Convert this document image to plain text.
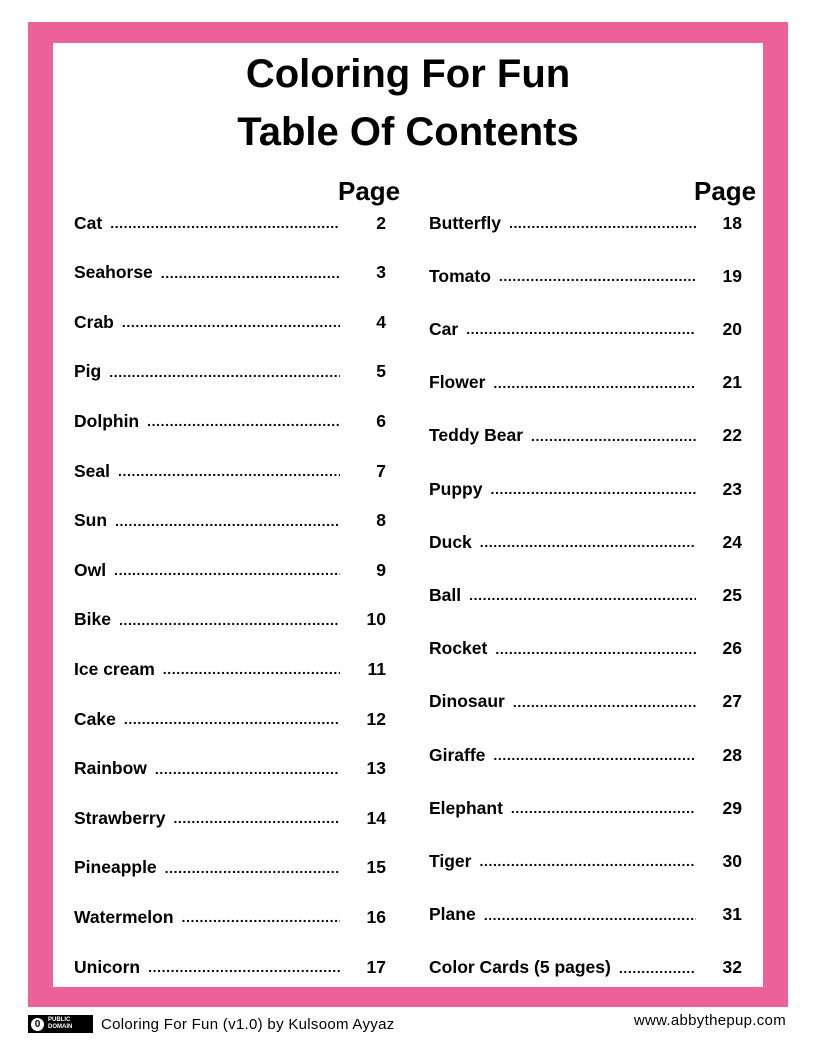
Coloring For Fun
Table Of Contents
Page	Page
Cat .....	2
Seahorse .....	3
Crab .....	4
Pig .....	5
Dolphin .....	6
Seal .....	7
Sun .....	8
Owl .....	9
Bike .....	10
Ice cream .....	11
Cake .....	12
Rainbow .....	13
Strawberry .....	14
Pineapple .....	15
Watermelon .....	16
Unicorn .....	17
Butterfly .....	18
Tomato .....	19
Car .....	20
Flower .....	21
Teddy Bear .....	22
Puppy .....	23
Duck .....	24
Ball .....	25
Rocket .....	26
Dinosaur .....	27
Giraffe .....	28
Elephant .....	29
Tiger .....	30
Plane .....	31
Color Cards (5 pages) .....	32
0	PUBLIC
DOMAIN Coloring For Fun (v1.0) by Kulsoom Ayyaz	www.abbythepup.com
